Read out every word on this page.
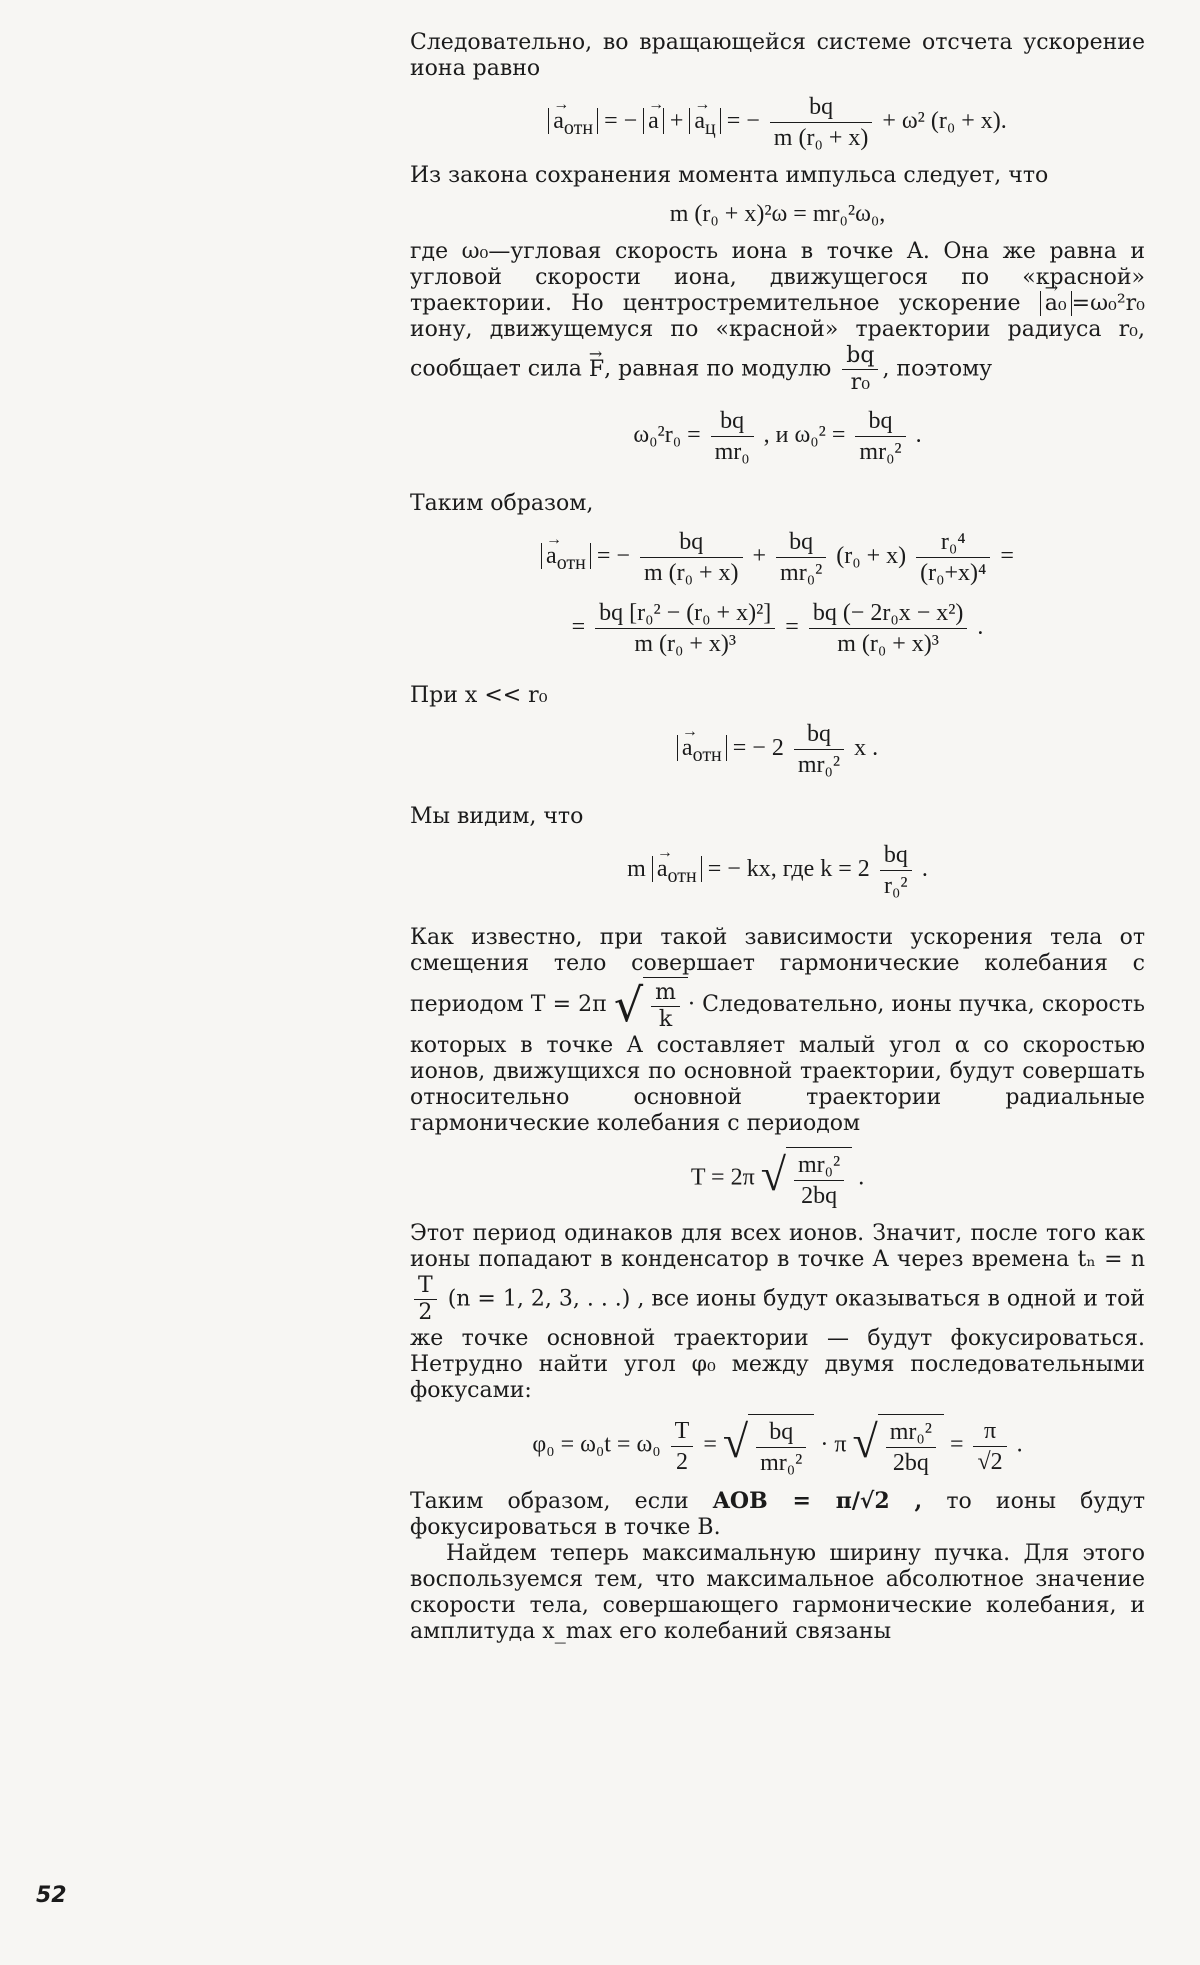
Следовательно, во вращающейся системе отсчета ускорение иона равно

→ $a_{отн}$ = − → a + → $a_ц$ = − $\frac{bq}{\text{m (r₀ + x)}} + \omega^2$ (r₀ + x).

Из закона сохранения момента импульса следует, что

m (r₀ + x)²ω = mr₀²ω₀,

где ω₀—угловая скорость иона в точке A. Она же равна и угловой скорости иона, движущегося по «красной» траектории. Но центростремительное ускорение → a₀ =ω₀²r₀ иону, движущемуся по «красной» траектории радиуса r₀, сообщает сила → F, равная по модулю $\frac{bq}{\text{r₀}}$ , поэтому

$\omega_0^2r_0 = \frac{bq}{\text{mr₀}}$ , и $\omega_0^2 = \frac{bq}{\text{mr₀²}}$ .

Таким образом,

→ $a_{отн}$ = − $\frac{bq}{\text{m (r₀ + x)}} + \frac{bq}{\text{mr₀²}} (r_0 + x) \frac{\text{r₀⁴}}{\text{(r₀+x)⁴}}$ =
= $\frac{\text{bq [r₀² − (r₀ + x)²]}}{\text{m (r₀ + x)³}} = \frac{\text{bq (− 2r₀x − x²)}}{\text{m (r₀ + x)³}}$ .

При x << r₀

→ $a_{отн}$ = − $2 \frac{bq}{\text{mr₀²}}$ x .

Мы видим, что

$m \to a_{отн}$ = − kx, где $k = 2 \frac{bq}{\text{r₀²}}$ .

Как известно, при такой зависимости ускорения тела от смещения тело совершает гармонические колебания с периодом T = 2π √ $\frac{m}{k}$ · Следовательно, ионы пучка, скорость которых в точке A составляет малый угол α со скоростью ионов, движущихся по основной траектории, будут совершать относительно основной траектории радиальные гармонические колебания с периодом

T = 2π √ $\frac{\text{mr₀²}}{2bq}$ .

Этот период одинаков для всех ионов. Значит, после того как ионы попадают в конденсатор в точке A через времена tₙ = n
$\frac{T}{2} (n = 1$, 2, 3, . . .) , все ионы будут оказываться в одной и той же точке основной траектории — будут фокусироваться. Нетрудно найти угол φ₀ между двумя последовательными фокусами:

$\varphi_0 = \omega_0t = \omega_0 \frac{T}{2}$ = √ $\frac{bq}{\text{mr₀²}} \cdot \pi$ √ $\frac{\text{mr₀²}}{2bq} = \frac{\pi}{√2}$ .

Таким образом, если AOB = π/√2 , то ионы будут фокусироваться в точке B.

Найдем теперь максимальную ширину пучка. Для этого воспользуемся тем, что максимальное абсолютное значение скорости тела, совершающего гармонические колебания, и амплитуда x_max его колебаний связаны

52
